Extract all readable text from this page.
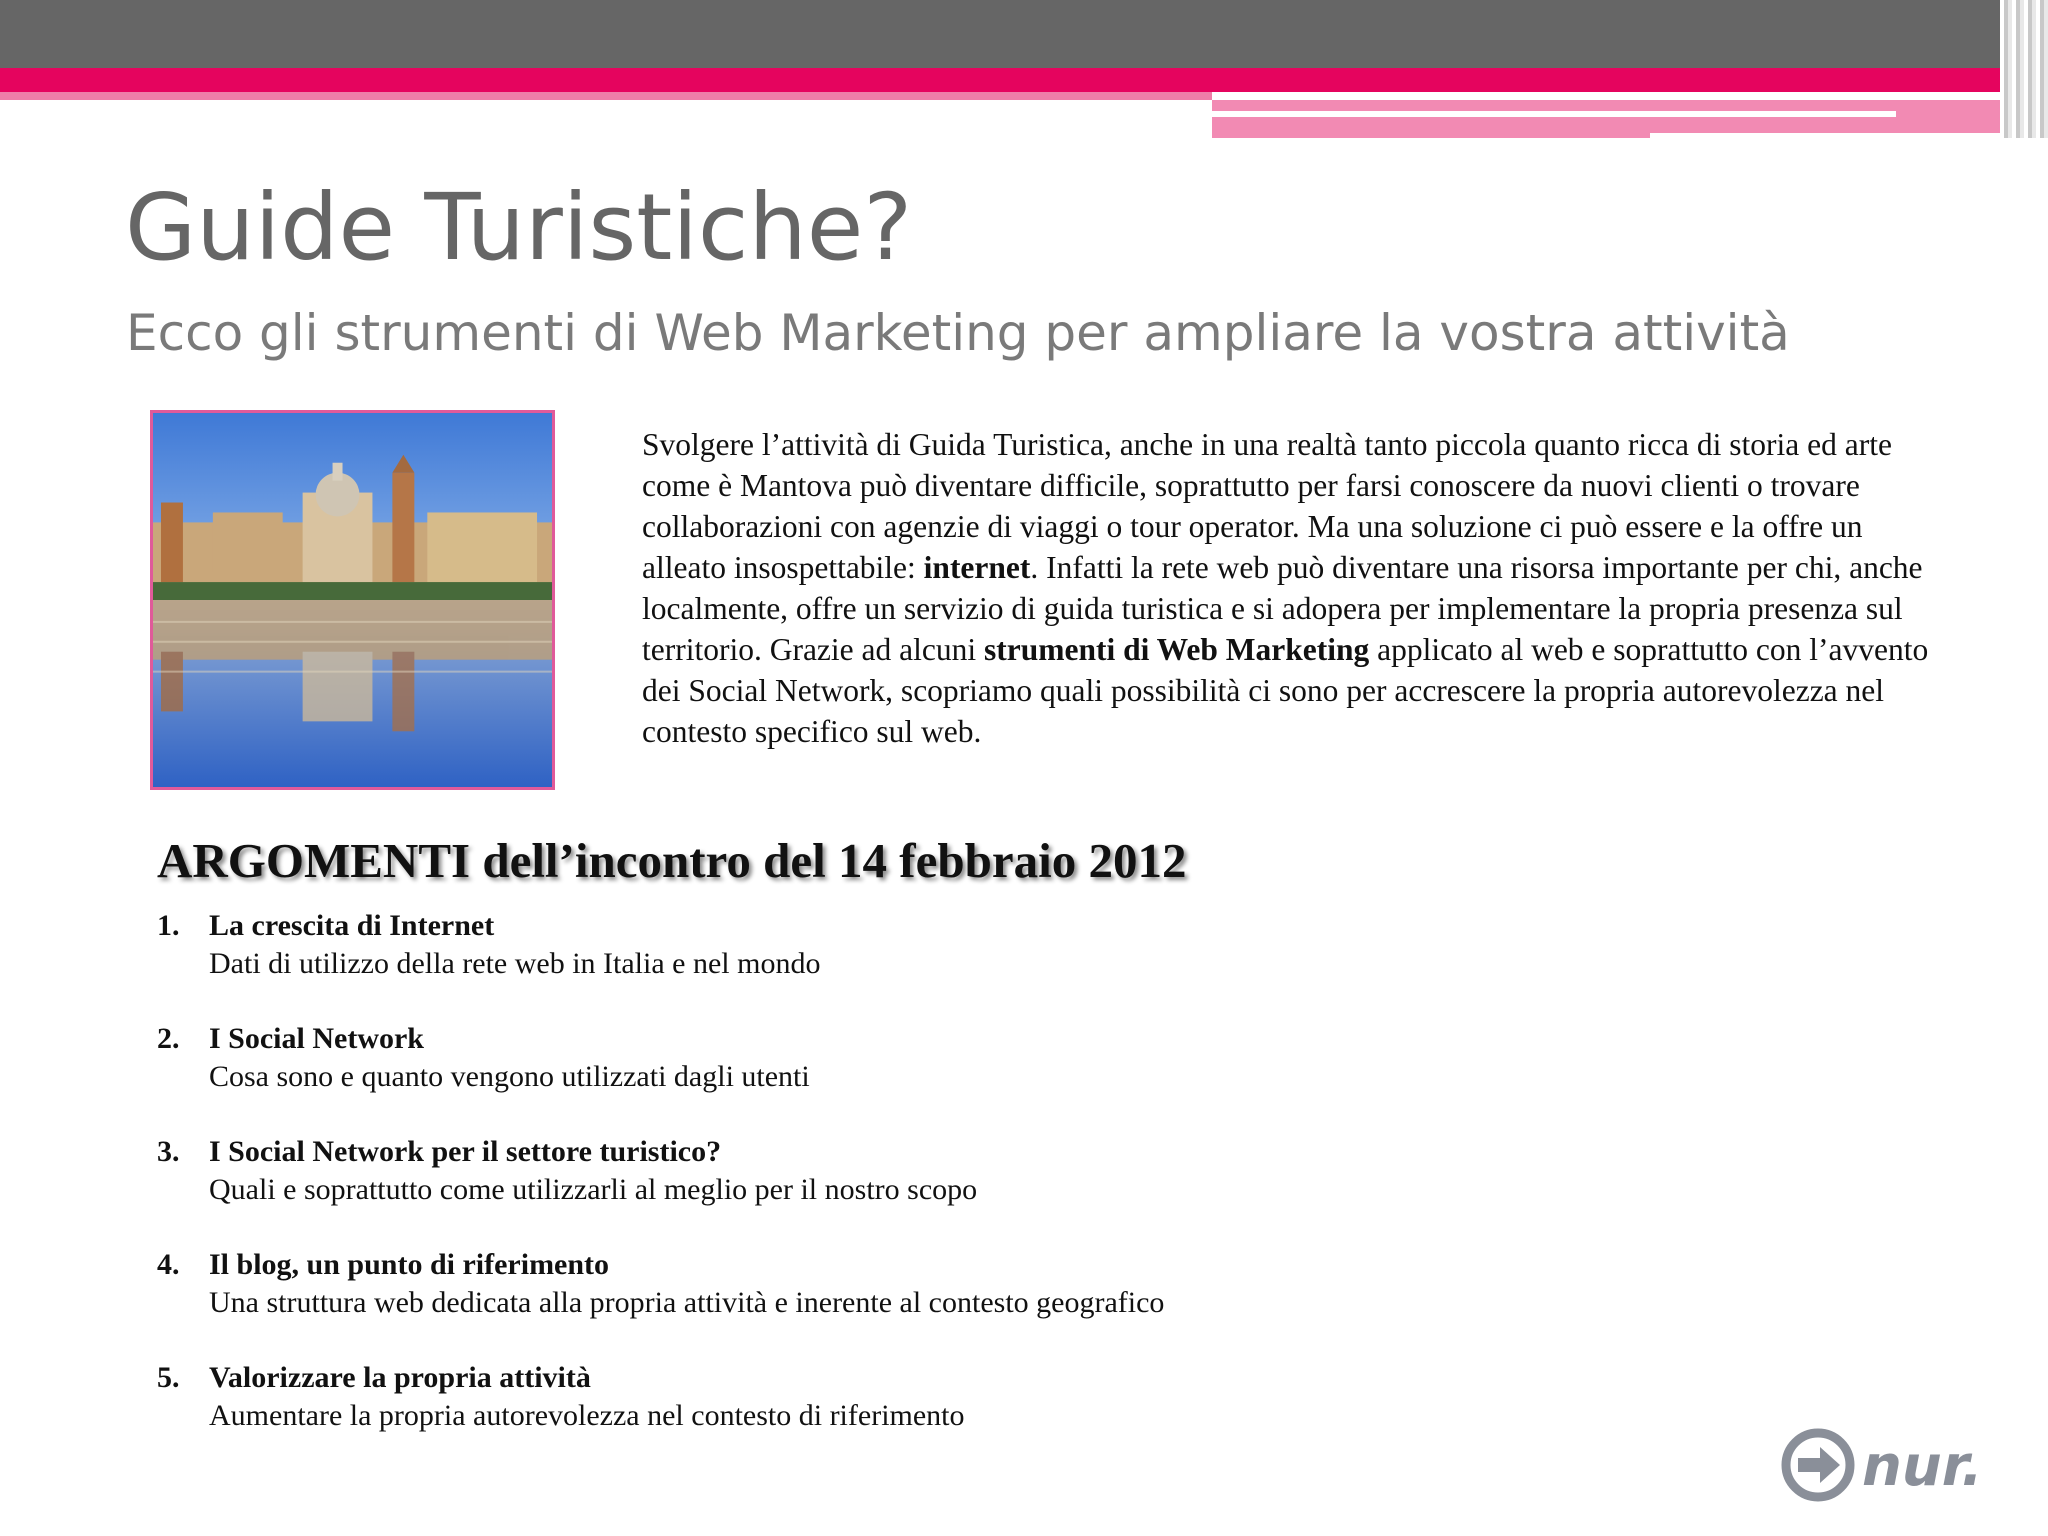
Guide Turistiche?
Ecco gli strumenti di Web Marketing per ampliare la vostra attività

Svolgere l’attività di Guida Turistica, anche in una realtà tanto piccola quanto ricca di storia ed arte come è Mantova può diventare difficile, soprattutto per farsi conoscere da nuovi clienti o trovare collaborazioni con agenzie di viaggi o tour operator. Ma una soluzione ci può essere e la offre un alleato insospettabile: internet. Infatti la rete web può diventare una risorsa importante per chi, anche localmente, offre un servizio di guida turistica e si adopera per implementare la propria presenza sul territorio. Grazie ad alcuni strumenti di Web Marketing applicato al web e soprattutto con l’avvento dei Social Network, scopriamo quali possibilità ci sono per accrescere la propria autorevolezza nel contesto specifico sul web.

ARGOMENTI dell’incontro del 14 febbraio 2012
1. La crescita di Internet
Dati di utilizzo della rete web in Italia e nel mondo
2. I Social Network
Cosa sono e quanto vengono utilizzati dagli utenti
3. I Social Network per il settore turistico?
Quali e soprattutto come utilizzarli al meglio per il nostro scopo
4. Il blog, un punto di riferimento
Una struttura web dedicata alla propria attività e inerente al contesto geografico
5. Valorizzare la propria attività
Aumentare la propria autorevolezza nel contesto di riferimento
nur.
